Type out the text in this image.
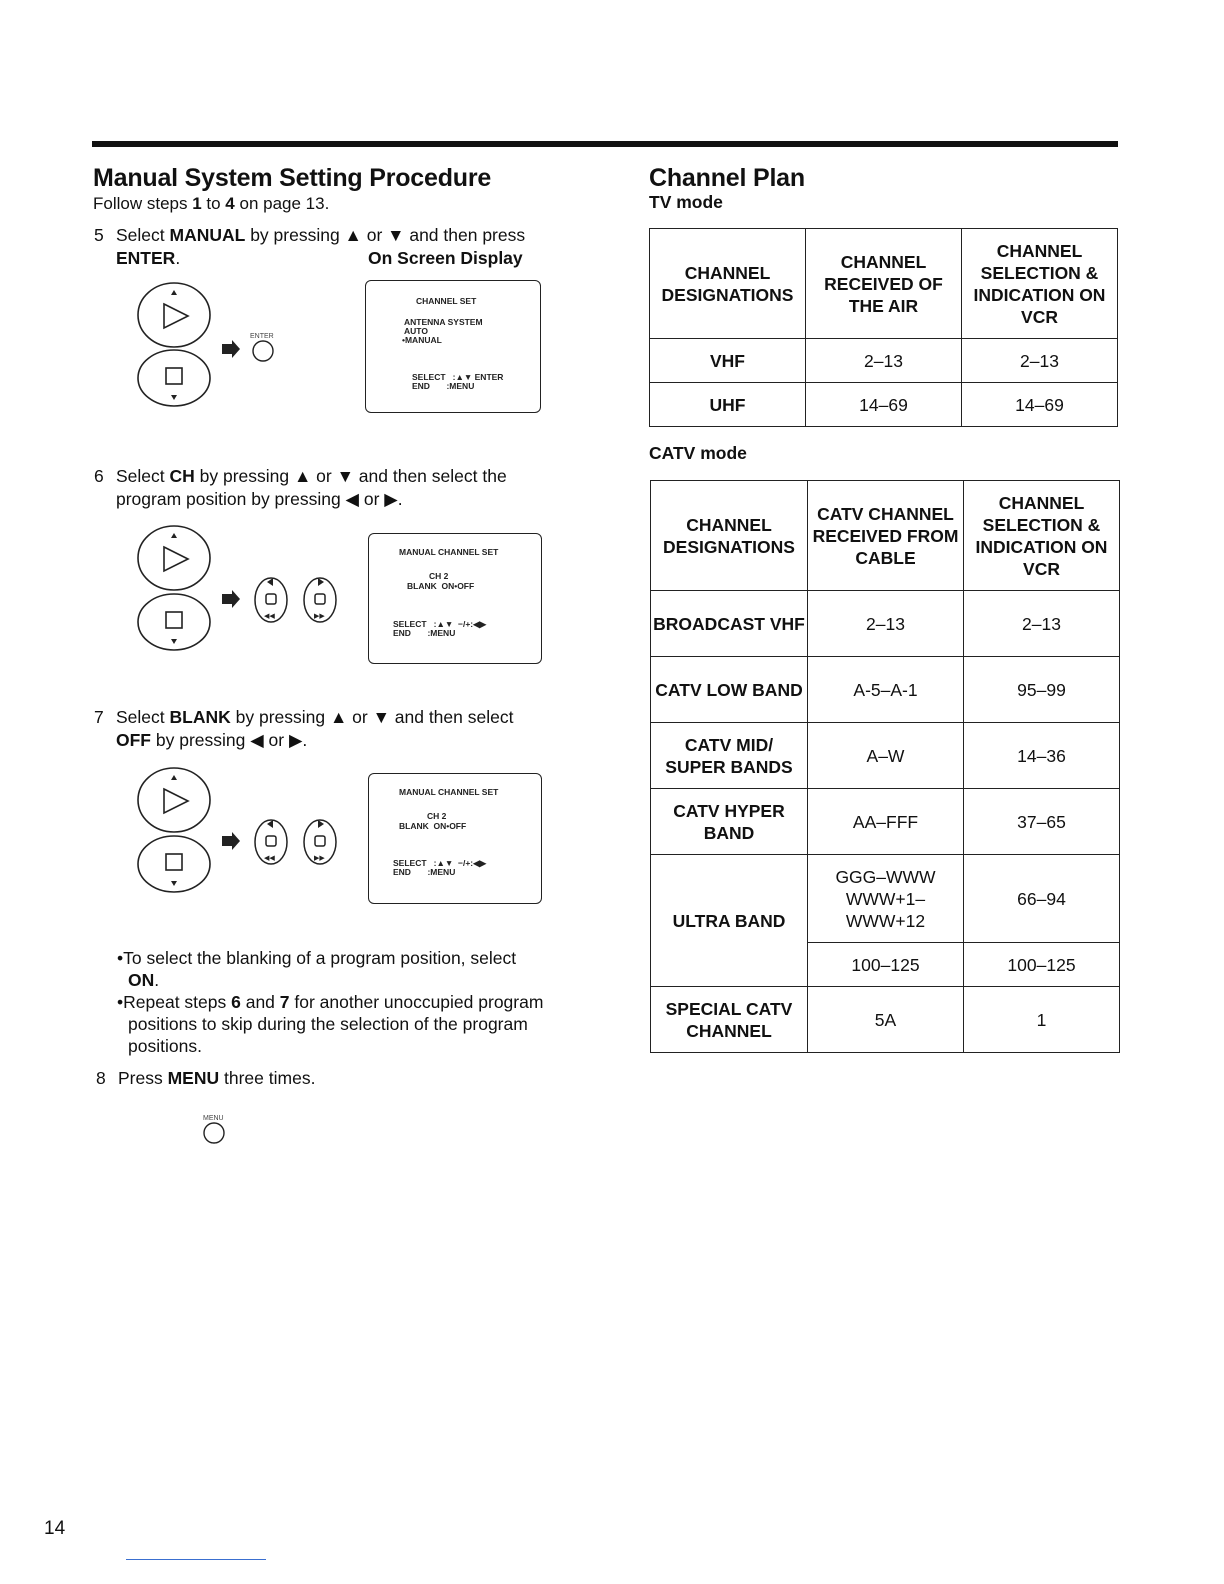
Manual System Setting Procedure
Follow steps 1 to 4 on page 13.
5 Select MANUAL by pressing ▲ or ▼ and then press
ENTER.	On Screen Display
ENTER
CHANNEL SET
ANTENNA SYSTEM
AUTO
•MANUAL
SELECT   :▲▼ ENTER
END       :MENU
6 Select CH by pressing ▲ or ▼ and then select the
program position by pressing ◀ or ▶.
◀◀	▶▶
MANUAL CHANNEL SET
CH 2
BLANK  ON•OFF
SELECT   :▲▼  −/+:◀▶
END       :MENU
7 Select BLANK by pressing ▲ or ▼ and then select
OFF by pressing ◀ or ▶.
◀◀	▶▶
MANUAL CHANNEL SET
CH 2
BLANK  ON•OFF
SELECT   :▲▼  −/+:◀▶
END       :MENU
•To select the blanking of a program position, select
ON.
•Repeat steps 6 and 7 for another unoccupied program
positions to skip during the selection of the program
positions.
8 Press MENU three times.
MENU
Channel Plan
TV mode
CHANNEL DESIGNATIONS	CHANNEL RECEIVED OF THE AIR	CHANNEL SELECTION & INDICATION ON VCR
VHF	2–13	2–13
UHF	14–69	14–69
CATV mode
CHANNEL DESIGNATIONS	CATV CHANNEL RECEIVED FROM CABLE	CHANNEL SELECTION & INDICATION ON VCR
BROADCAST VHF	2–13	2–13
CATV LOW BAND	A-5–A-1	95–99
CATV MID/ SUPER BANDS	A–W	14–36
CATV HYPER BAND	AA–FFF	37–65
ULTRA BAND	GGG–WWW WWW+1– WWW+12	66–94
	100–125	100–125
SPECIAL CATV CHANNEL	5A	1
14
